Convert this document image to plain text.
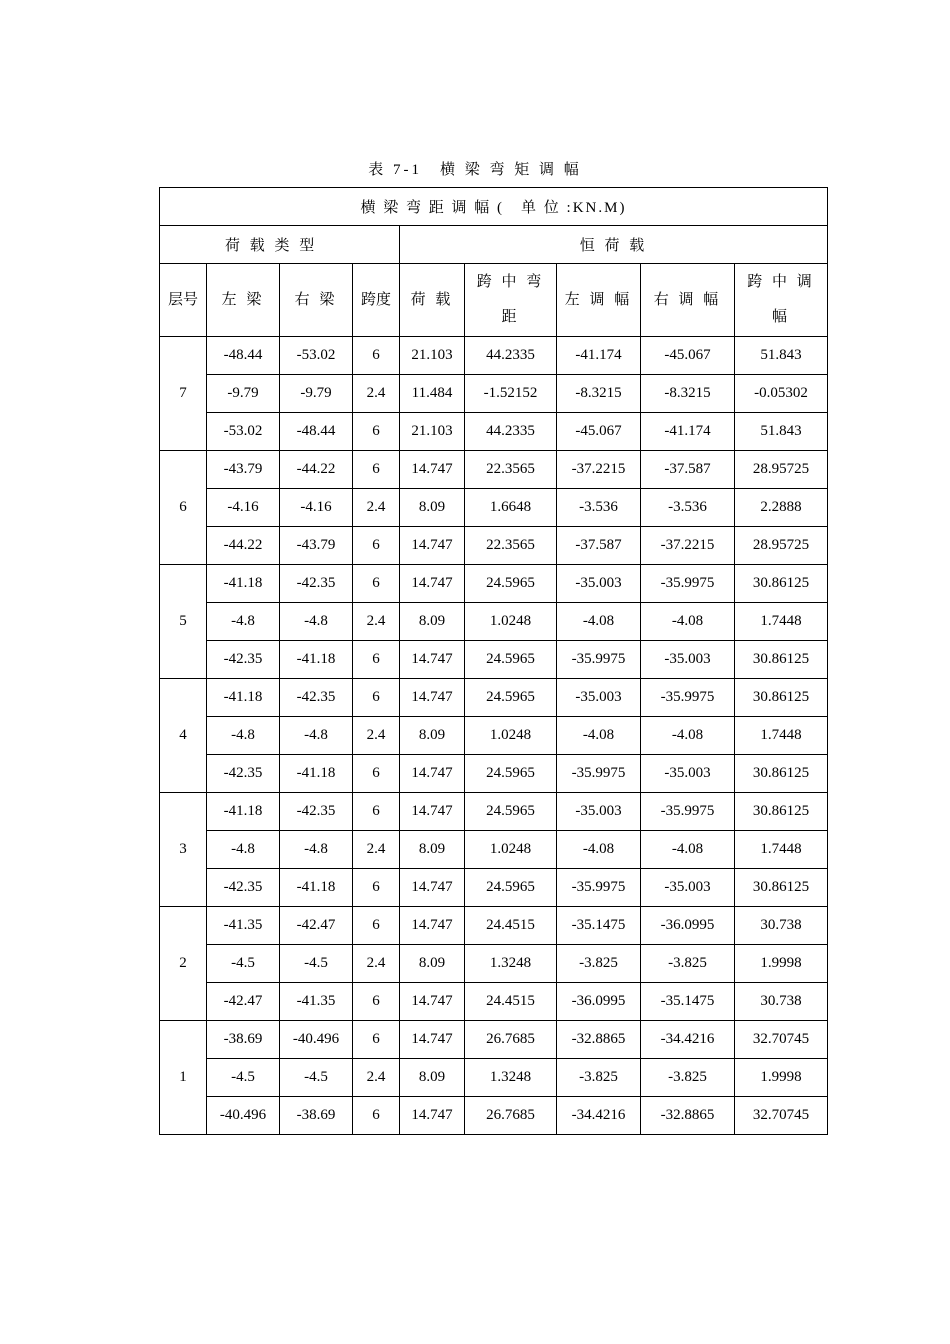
表 7-1　横 梁 弯 矩 调 幅
横 梁 弯 距 调 幅 (　单 位 :KN.M)								
荷 载 类 型				恒 荷 载				
层号	左 梁	右 梁	跨度	荷 载	跨 中 弯 距	左 调 幅	右 调 幅	跨 中 调 幅
7	-48.44	-53.02	6	21.103	44.2335	-41.174	-45.067	51.843
	-9.79	-9.79	2.4	11.484	-1.52152	-8.3215	-8.3215	-0.05302
	-53.02	-48.44	6	21.103	44.2335	-45.067	-41.174	51.843
6	-43.79	-44.22	6	14.747	22.3565	-37.2215	-37.587	28.95725
	-4.16	-4.16	2.4	8.09	1.6648	-3.536	-3.536	2.2888
	-44.22	-43.79	6	14.747	22.3565	-37.587	-37.2215	28.95725
5	-41.18	-42.35	6	14.747	24.5965	-35.003	-35.9975	30.86125
	-4.8	-4.8	2.4	8.09	1.0248	-4.08	-4.08	1.7448
	-42.35	-41.18	6	14.747	24.5965	-35.9975	-35.003	30.86125
4	-41.18	-42.35	6	14.747	24.5965	-35.003	-35.9975	30.86125
	-4.8	-4.8	2.4	8.09	1.0248	-4.08	-4.08	1.7448
	-42.35	-41.18	6	14.747	24.5965	-35.9975	-35.003	30.86125
3	-41.18	-42.35	6	14.747	24.5965	-35.003	-35.9975	30.86125
	-4.8	-4.8	2.4	8.09	1.0248	-4.08	-4.08	1.7448
	-42.35	-41.18	6	14.747	24.5965	-35.9975	-35.003	30.86125
2	-41.35	-42.47	6	14.747	24.4515	-35.1475	-36.0995	30.738
	-4.5	-4.5	2.4	8.09	1.3248	-3.825	-3.825	1.9998
	-42.47	-41.35	6	14.747	24.4515	-36.0995	-35.1475	30.738
1	-38.69	-40.496	6	14.747	26.7685	-32.8865	-34.4216	32.70745
	-4.5	-4.5	2.4	8.09	1.3248	-3.825	-3.825	1.9998
	-40.496	-38.69	6	14.747	26.7685	-34.4216	-32.8865	32.70745
